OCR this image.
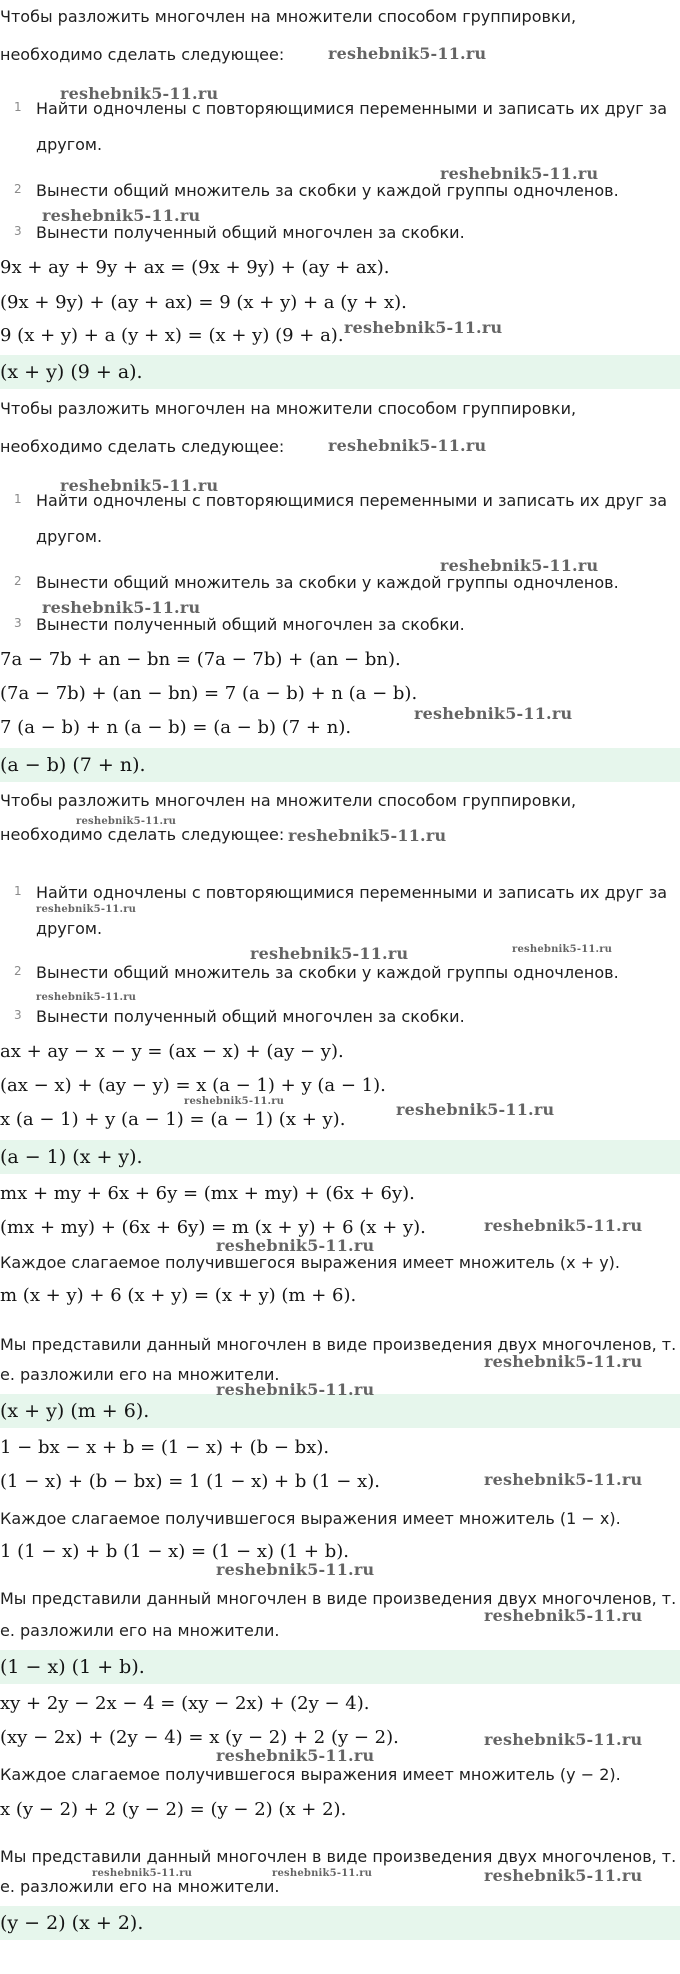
Чтобы разложить многочлен на множители способом группировки,
необходимо сделать следующее:
1 Найти одночлены с повторяющимися переменными и записать их друг за
другом.
2 Вынести общий множитель за скобки у каждой группы одночленов.
3 Вынести полученный общий многочлен за скобки.
9x + ay + 9y + ax = (9x + 9y) + (ay + ax).
(9x + 9y) + (ay + ax) = 9 (x + y) + a (y + x).
9 (x + y) + a (y + x) = (x + y) (9 + a).
(x + y) (9 + a).
Чтобы разложить многочлен на множители способом группировки,
необходимо сделать следующее:
1 Найти одночлены с повторяющимися переменными и записать их друг за
другом.
2 Вынести общий множитель за скобки у каждой группы одночленов.
3 Вынести полученный общий многочлен за скобки.
7a − 7b + an − bn = (7a − 7b) + (an − bn).
(7a − 7b) + (an − bn) = 7 (a − b) + n (a − b).
7 (a − b) + n (a − b) = (a − b) (7 + n).
(a − b) (7 + n).
Чтобы разложить многочлен на множители способом группировки,
необходимо сделать следующее:
1 Найти одночлены с повторяющимися переменными и записать их друг за
другом.
2 Вынести общий множитель за скобки у каждой группы одночленов.
3 Вынести полученный общий многочлен за скобки.
ax + ay − x − y = (ax − x) + (ay − y).
(ax − x) + (ay − y) = x (a − 1) + y (a − 1).
x (a − 1) + y (a − 1) = (a − 1) (x + y).
(a − 1) (x + y).
mx + my + 6x + 6y = (mx + my) + (6x + 6y).
(mx + my) + (6x + 6y) = m (x + y) + 6 (x + y).
Каждое слагаемое получившегося выражения имеет множитель (x + y).
m (x + y) + 6 (x + y) = (x + y) (m + 6).
Мы представили данный многочлен в виде произведения двух многочленов, т.
е. разложили его на множители.
(x + y) (m + 6).
1 − bx − x + b = (1 − x) + (b − bx).
(1 − x) + (b − bx) = 1 (1 − x) + b (1 − x).
Каждое слагаемое получившегося выражения имеет множитель (1 − x).
1 (1 − x) + b (1 − x) = (1 − x) (1 + b).
Мы представили данный многочлен в виде произведения двух многочленов, т.
е. разложили его на множители.
(1 − x) (1 + b).
xy + 2y − 2x − 4 = (xy − 2x) + (2y − 4).
(xy − 2x) + (2y − 4) = x (y − 2) + 2 (y − 2).
Каждое слагаемое получившегося выражения имеет множитель (y − 2).
x (y − 2) + 2 (y − 2) = (y − 2) (x + 2).
Мы представили данный многочлен в виде произведения двух многочленов, т.
е. разложили его на множители.
(y − 2) (x + 2).
reshebnik5-11.ru
reshebnik5-11.ru
reshebnik5-11.ru
reshebnik5-11.ru
reshebnik5-11.ru
reshebnik5-11.ru
reshebnik5-11.ru
reshebnik5-11.ru
reshebnik5-11.ru
reshebnik5-11.ru
reshebnik5-11.ru
reshebnik5-11.ru
reshebnik5-11.ru
reshebnik5-11.ru	reshebnik5-11.ru
reshebnik5-11.ru
reshebnik5-11.ru	reshebnik5-11.ru
reshebnik5-11.ru
reshebnik5-11.ru
reshebnik5-11.ru
reshebnik5-11.ru
reshebnik5-11.ru
reshebnik5-11.ru
reshebnik5-11.ru
reshebnik5-11.ru
reshebnik5-11.ru
reshebnik5-11.ru	reshebnik5-11.ru	reshebnik5-11.ru
